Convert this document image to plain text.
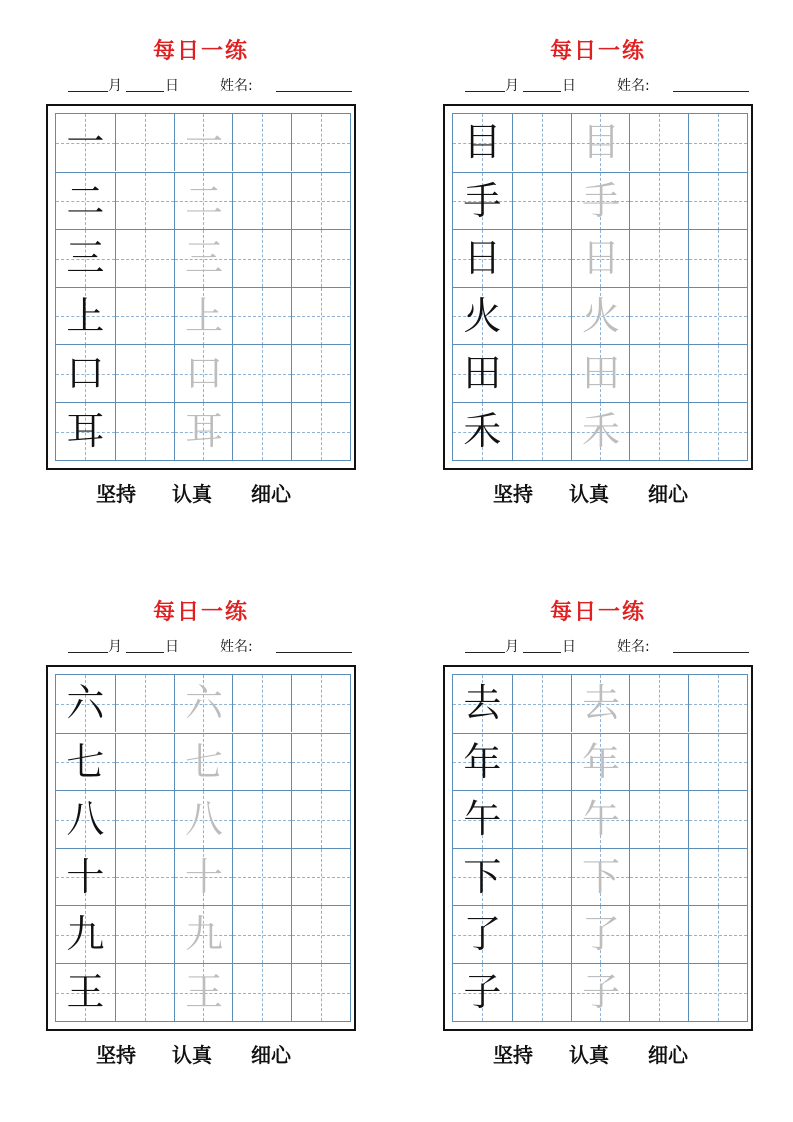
每日一练
月	日	姓名:
一 一
二 二
三 三
上 上
口 口
耳 耳
坚持 认真 细心
每日一练
月	日	姓名:
目 目
手 手
日 日
火 火
田 田
禾 禾
坚持 认真 细心
每日一练
月	日	姓名:
六 六
七 七
八 八
十 十
九 九
王 王
坚持 认真 细心
每日一练
月	日	姓名:
去 去
年 年
午 午
下 下
了 了
子 子
坚持 认真 细心
